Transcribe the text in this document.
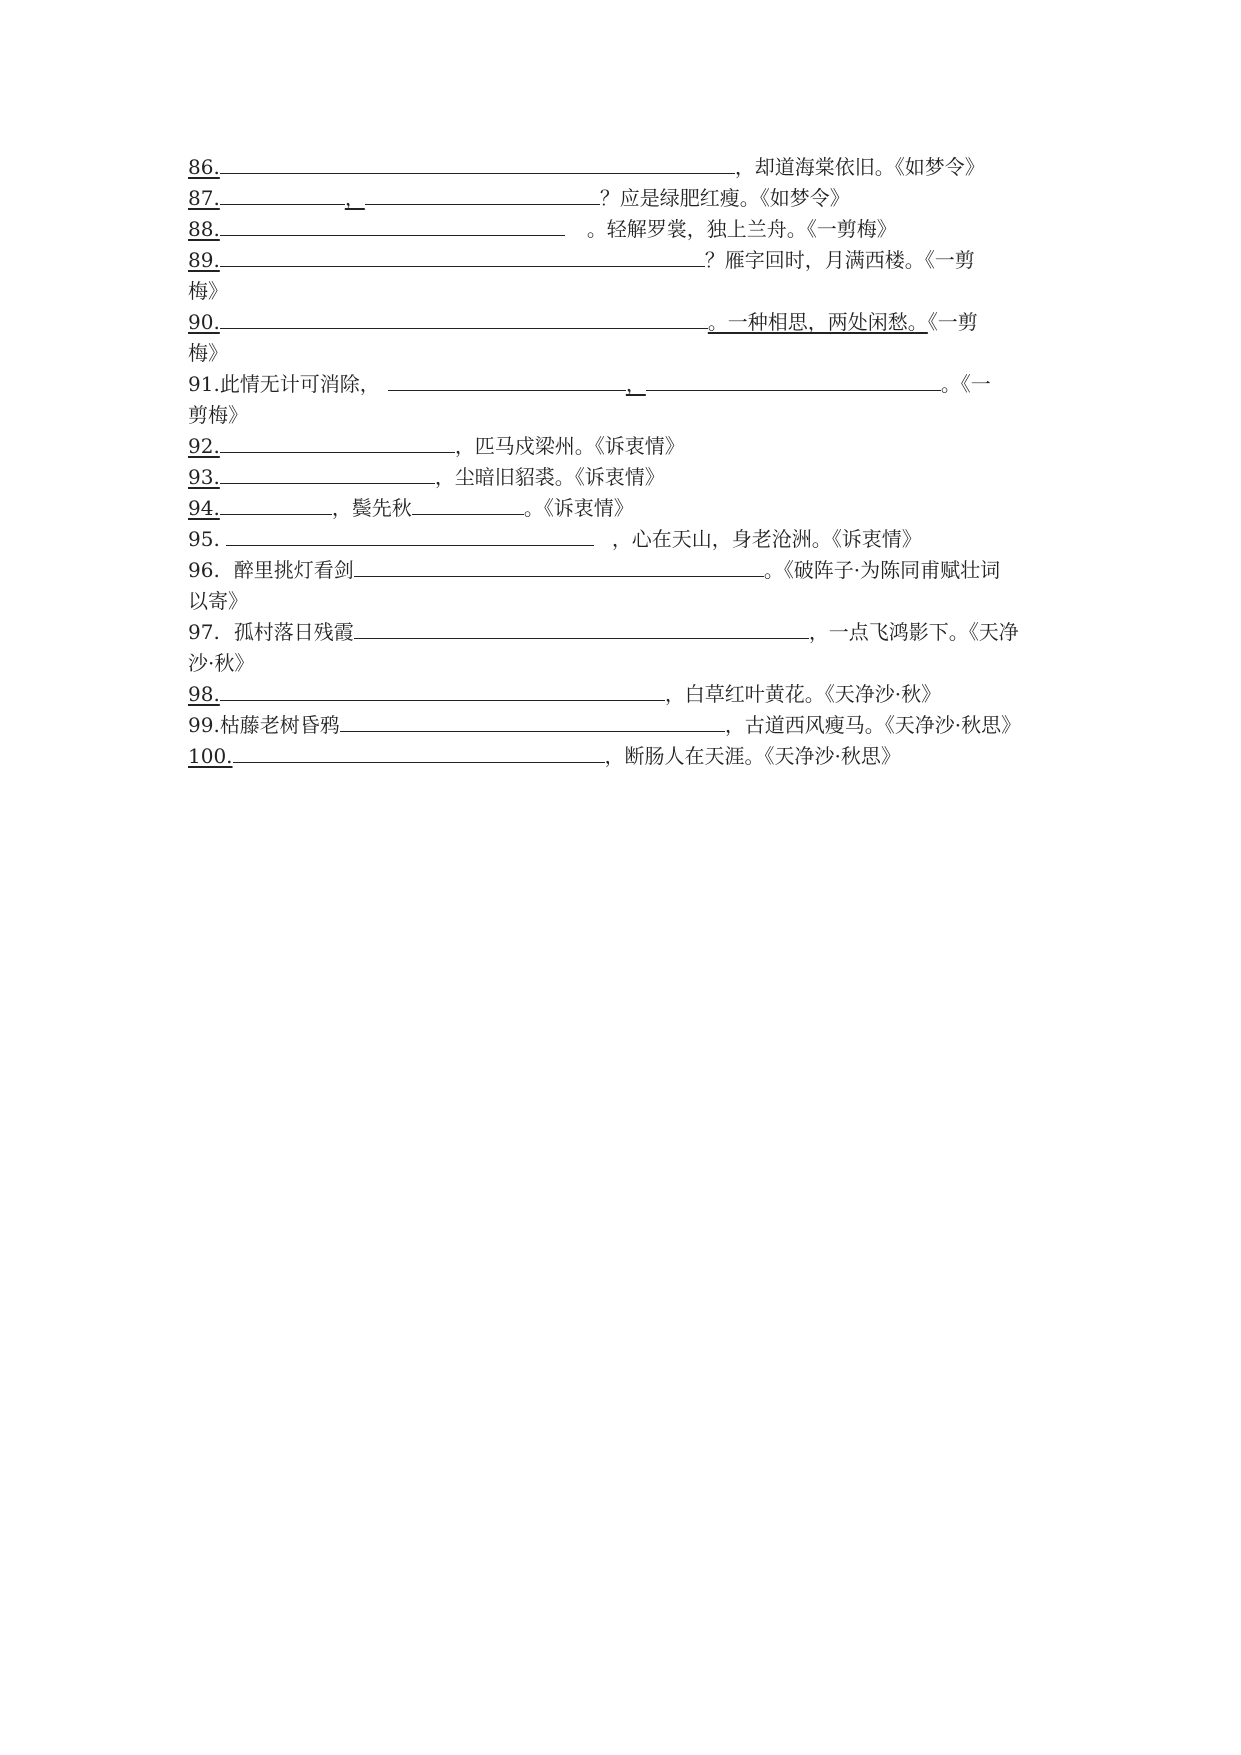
86.	，却道海棠依旧。《如梦令》
87.	，	？应是绿肥红瘦。《如梦令》
88.	。轻解罗裳，独上兰舟。《一剪梅》
89.	？雁字回时，月满西楼。《一剪
梅》
90.	。一种相思，两处闲愁。《一剪
梅》
91.此情无计可消除，	，	。《一
剪梅》
92.	，匹马戍梁州。《诉衷情》
93.	，尘暗旧貂裘。《诉衷情》
94.	，鬓先秋	。《诉衷情》
95.	，心在天山，身老沧洲。《诉衷情》
96. 醉里挑灯看剑	。《破阵子·为陈同甫赋壮词
以寄》
97. 孤村落日残霞	，一点飞鸿影下。《天净
沙·秋》
98.	，白草红叶黄花。《天净沙·秋》
99.枯藤老树昏鸦	，古道西风瘦马。《天净沙·秋思》
100.	，断肠人在天涯。《天净沙·秋思》
